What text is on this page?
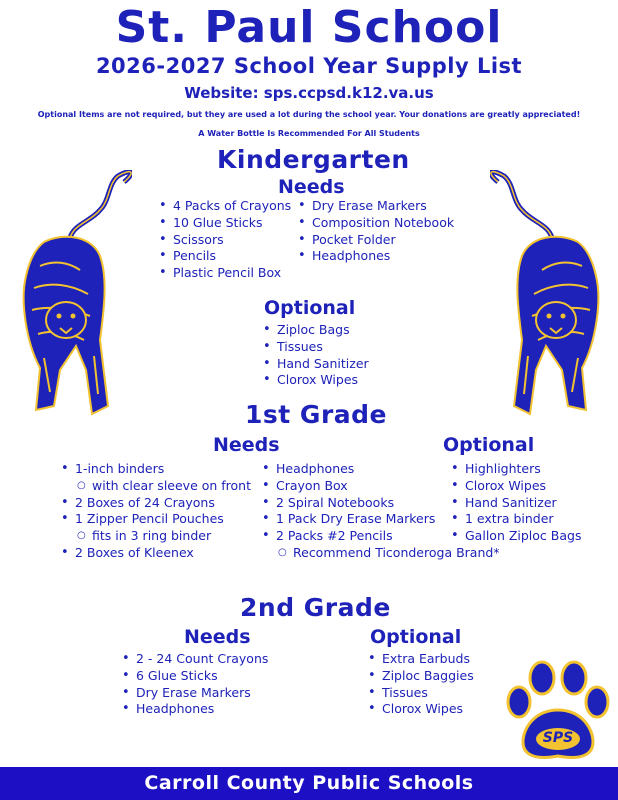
St. Paul School
2026-2027 School Year Supply List
Website: sps.ccpsd.k12.va.us
Optional Items are not required, but they are used a lot during the school year. Your donations are greatly appreciated!
A Water Bottle Is Recommended For All Students
Kindergarten
Needs
• 4 Packs of Crayons
• 10 Glue Sticks
• Scissors
• Pencils
• Plastic Pencil Box
• Dry Erase Markers
• Composition Notebook
• Pocket Folder
• Headphones
Optional
• Ziploc Bags
• Tissues
• Hand Sanitizer
• Clorox Wipes
1st Grade
Needs
• 1-inch binders
○ with clear sleeve on front
• 2 Boxes of 24 Crayons
• 1 Zipper Pencil Pouches
○ fits in 3 ring binder
• 2 Boxes of Kleenex
• Headphones
• Crayon Box
• 2 Spiral Notebooks
• 1 Pack Dry Erase Markers
• 2 Packs #2 Pencils
○ Recommend Ticonderoga Brand*
Optional
• Highlighters
• Clorox Wipes
• Hand Sanitizer
• 1 extra binder
• Gallon Ziploc Bags
2nd Grade
Needs
• 2 - 24 Count Crayons
• 6 Glue Sticks
• Dry Erase Markers
• Headphones
Optional
• Extra Earbuds
• Ziploc Baggies
• Tissues
• Clorox Wipes
SPS
Carroll County Public Schools
